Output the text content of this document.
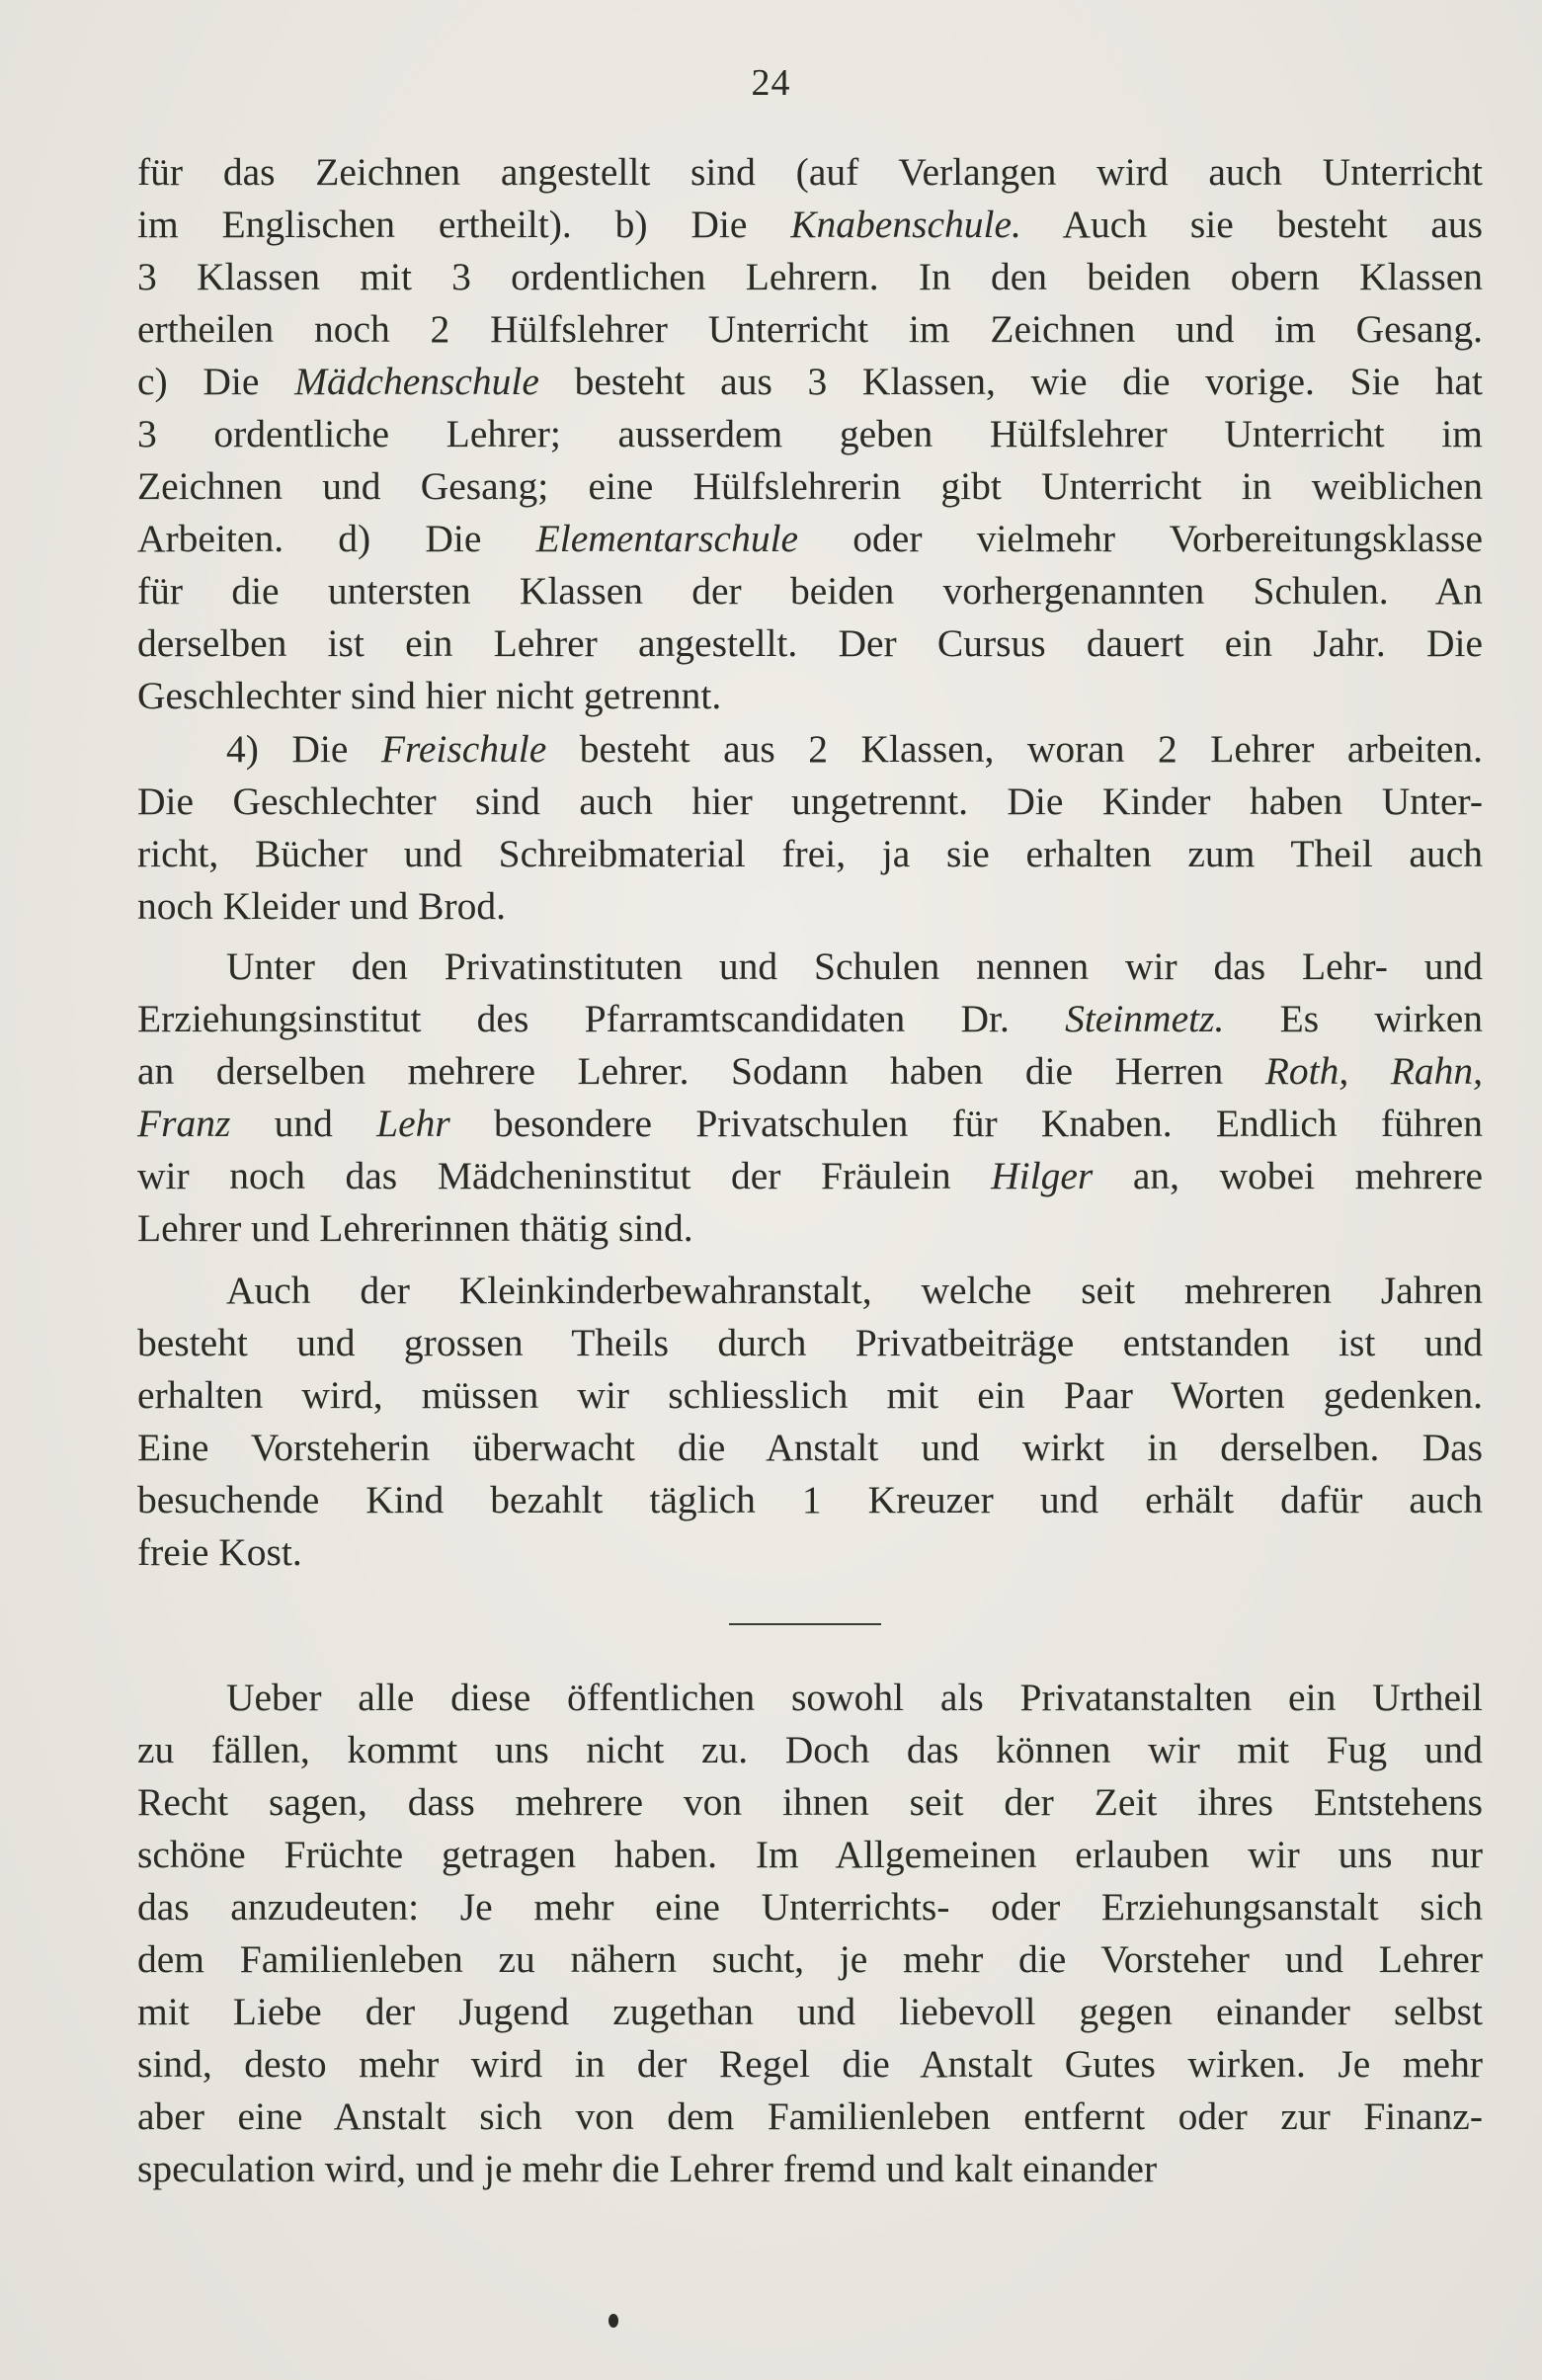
24
für das Zeichnen angestellt sind (auf Verlangen wird auch Unterricht
im Englischen ertheilt). b) Die Knabenschule. Auch sie besteht aus
3 Klassen mit 3 ordentlichen Lehrern. In den beiden obern Klassen
ertheilen noch 2 Hülfslehrer Unterricht im Zeichnen und im Gesang.
c) Die Mädchenschule besteht aus 3 Klassen, wie die vorige. Sie hat
3 ordentliche Lehrer; ausserdem geben Hülfslehrer Unterricht im
Zeichnen und Gesang; eine Hülfslehrerin gibt Unterricht in weiblichen
Arbeiten. d) Die Elementarschule oder vielmehr Vorbereitungsklasse
für die untersten Klassen der beiden vorhergenannten Schulen. An
derselben ist ein Lehrer angestellt. Der Cursus dauert ein Jahr. Die
Geschlechter sind hier nicht getrennt.
4) Die Freischule besteht aus 2 Klassen, woran 2 Lehrer arbeiten.
Die Geschlechter sind auch hier ungetrennt. Die Kinder haben Unter-
richt, Bücher und Schreibmaterial frei, ja sie erhalten zum Theil auch
noch Kleider und Brod.
Unter den Privatinstituten und Schulen nennen wir das Lehr- und
Erziehungsinstitut des Pfarramtscandidaten Dr. Steinmetz. Es wirken
an derselben mehrere Lehrer. Sodann haben die Herren Roth, Rahn,
Franz und Lehr besondere Privatschulen für Knaben. Endlich führen
wir noch das Mädcheninstitut der Fräulein Hilger an, wobei mehrere
Lehrer und Lehrerinnen thätig sind.
Auch der Kleinkinderbewahranstalt, welche seit mehreren Jahren
besteht und grossen Theils durch Privatbeiträge entstanden ist und
erhalten wird, müssen wir schliesslich mit ein Paar Worten gedenken.
Eine Vorsteherin überwacht die Anstalt und wirkt in derselben. Das
besuchende Kind bezahlt täglich 1 Kreuzer und erhält dafür auch
freie Kost.
Ueber alle diese öffentlichen sowohl als Privatanstalten ein Urtheil
zu fällen, kommt uns nicht zu. Doch das können wir mit Fug und
Recht sagen, dass mehrere von ihnen seit der Zeit ihres Entstehens
schöne Früchte getragen haben. Im Allgemeinen erlauben wir uns nur
das anzudeuten: Je mehr eine Unterrichts- oder Erziehungsanstalt sich
dem Familienleben zu nähern sucht, je mehr die Vorsteher und Lehrer
mit Liebe der Jugend zugethan und liebevoll gegen einander selbst
sind, desto mehr wird in der Regel die Anstalt Gutes wirken. Je mehr
aber eine Anstalt sich von dem Familienleben entfernt oder zur Finanz-
speculation wird, und je mehr die Lehrer fremd und kalt einander
